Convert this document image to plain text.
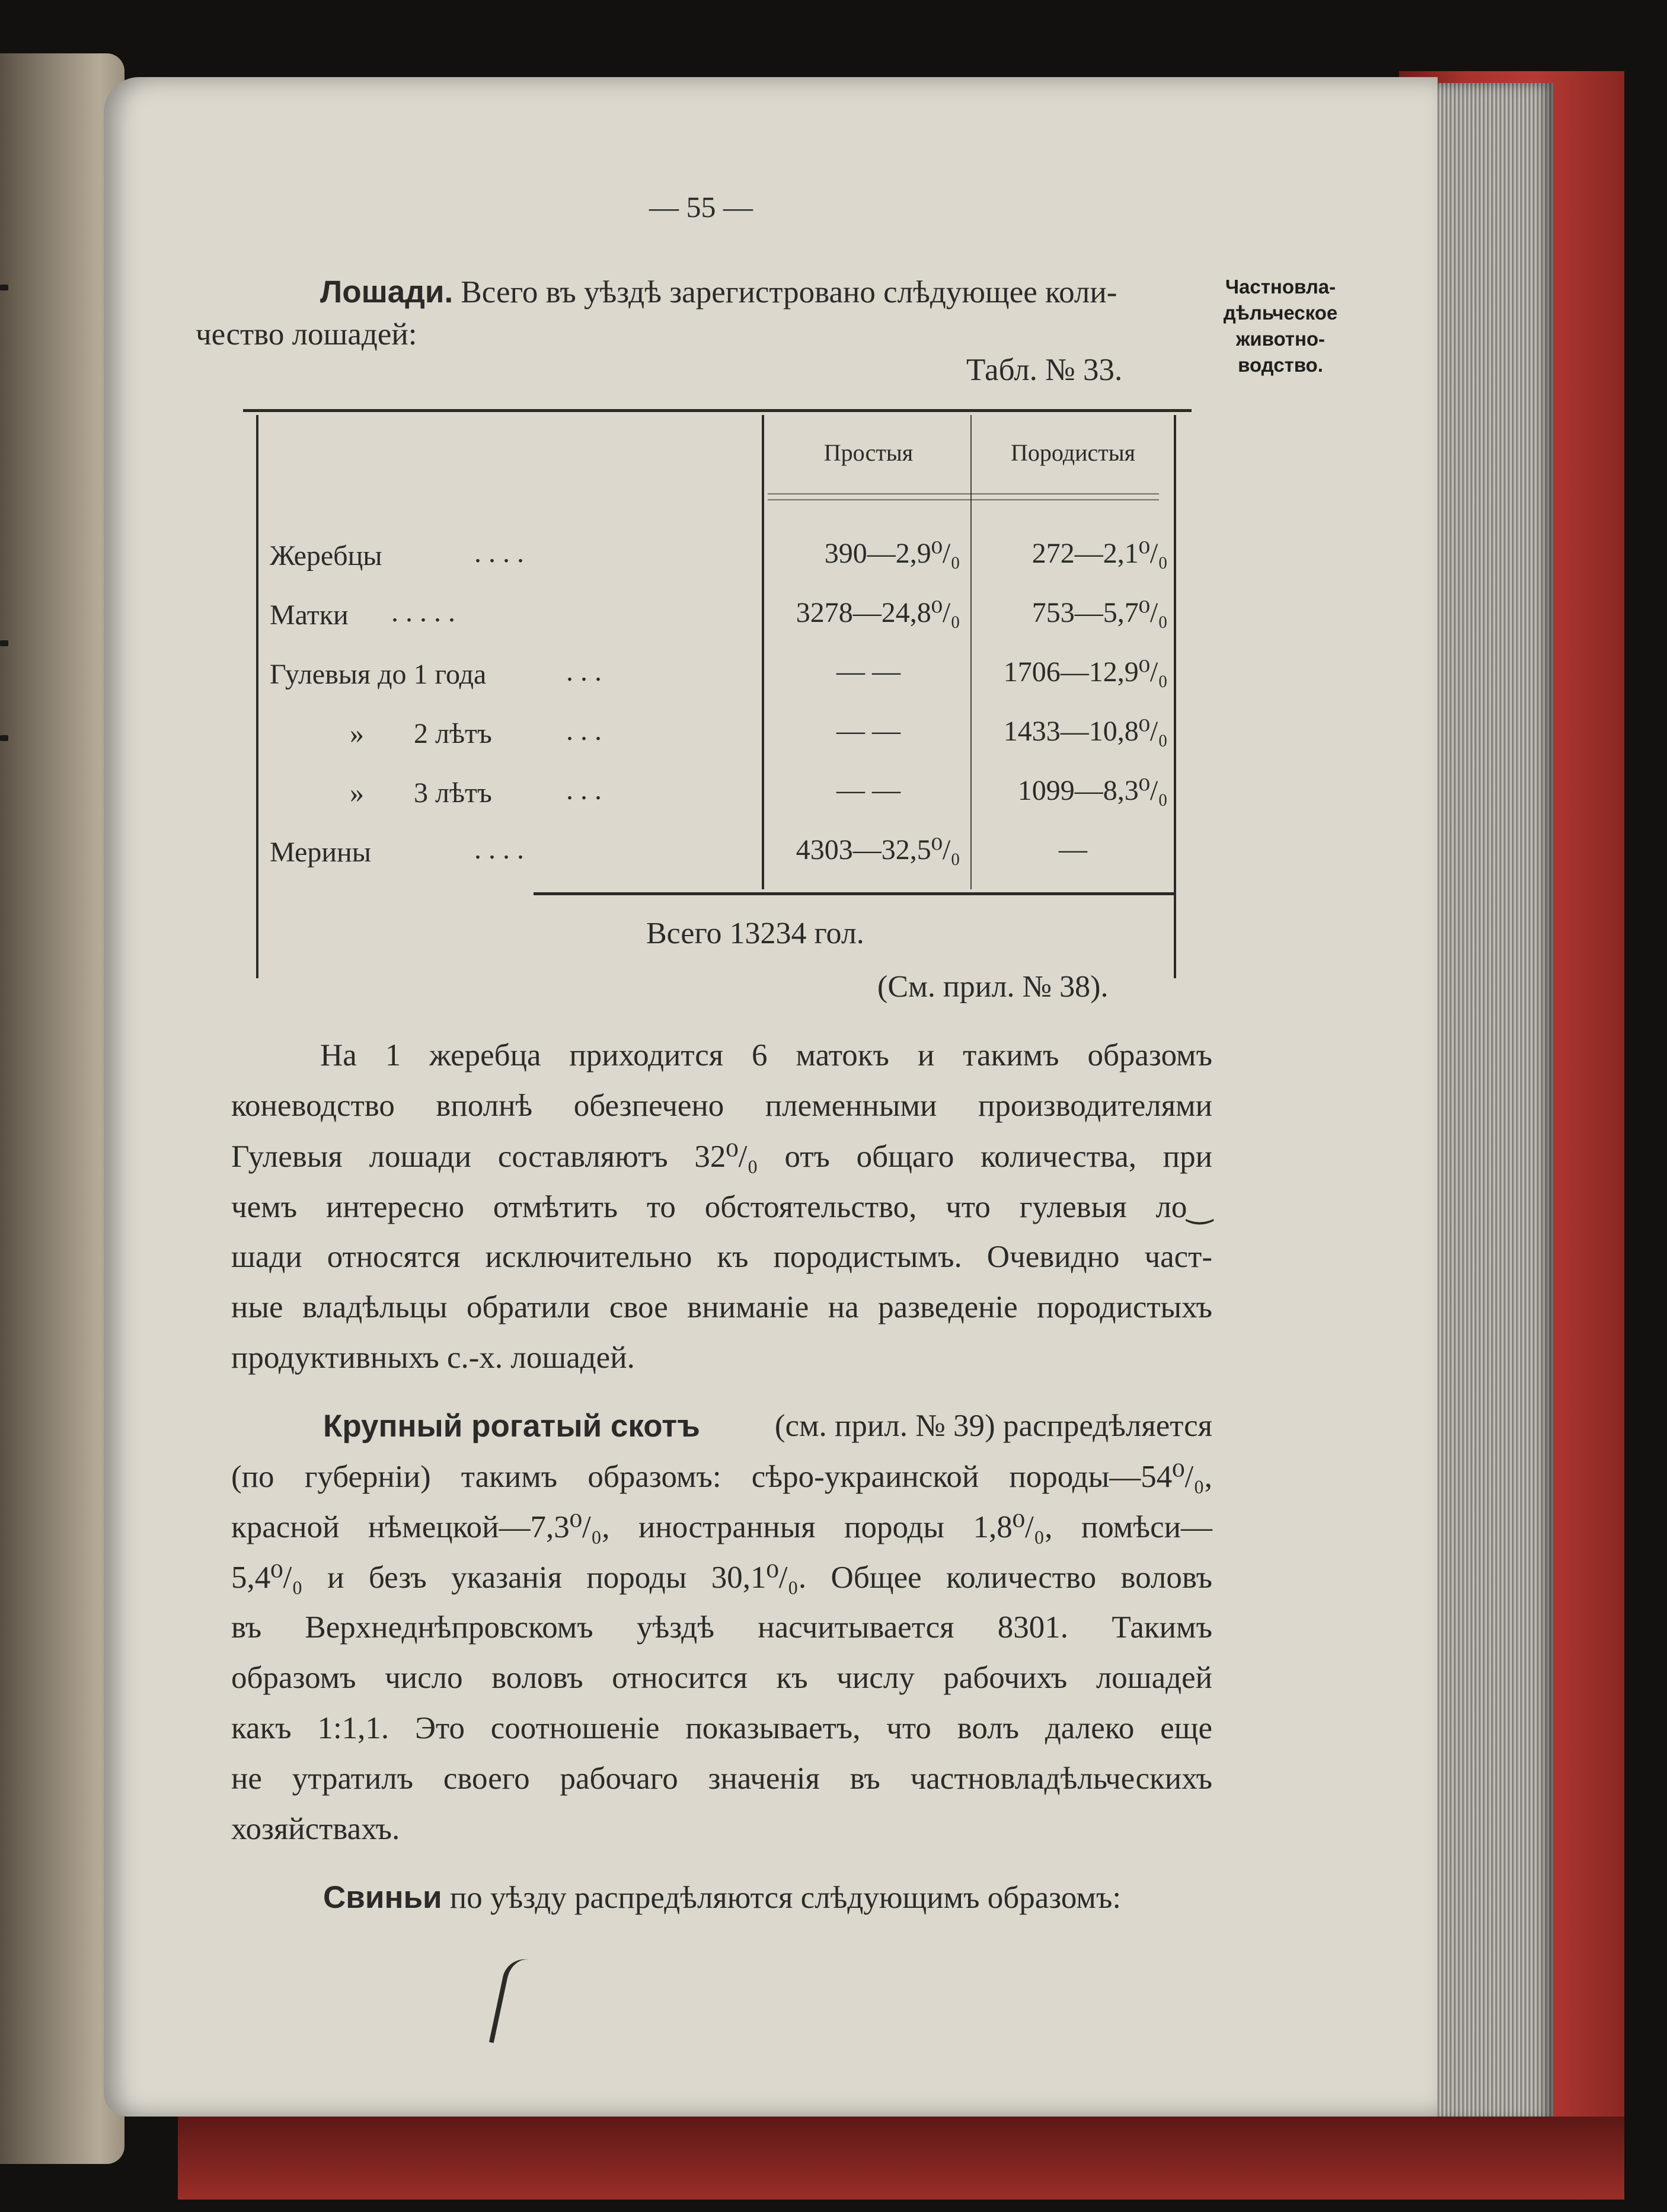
— 55 —
Частновла-
дѣльческое
животно-
водство.
Лошади. Всего въ уѣздѣ зарегистровано слѣдующее коли-
чество лошадей:
Табл. № 33.
Простыя	Породистыя
Жеребцы	. . . .	390—2,9⁰/₀	272—2,1⁰/₀
Матки . . . . .	3278—24,8⁰/₀	753—5,7⁰/₀
Гулевыя до 1 года	. . .	— —	1706—12,9⁰/₀
»       2 лѣтъ	. . .	— —	1433—10,8⁰/₀
»       3 лѣтъ	. . .	— —	1099—8,3⁰/₀
Мерины	. . . .	4303—32,5⁰/₀	—
Всего 13234 гол.
(См. прил. № 38).
На 1 жеребца приходится 6 матокъ и такимъ образомъ
коневодство вполнѣ обезпечено племенными производителями
Гулевыя лошади составляютъ 32⁰/₀ отъ общаго количества, при
чемъ интересно отмѣтить то обстоятельство, что гулевыя ло‿
шади относятся исключительно къ породистымъ. Очевидно част-
ные владѣльцы обратили свое вниманіе на разведеніе породистыхъ
продуктивныхъ с.-х. лошадей.
Крупный рогатый скотъ (см. прил. № 39) распредѣляется
(по губерніи) такимъ образомъ: сѣро-украинской породы—54⁰/₀,
красной нѣмецкой—7,3⁰/₀, иностранныя породы 1,8⁰/₀, помѣси—
5,4⁰/₀ и безъ указанія породы 30,1⁰/₀. Общее количество воловъ
въ Верхнеднѣпровскомъ уѣздѣ насчитывается 8301. Такимъ
образомъ число воловъ относится къ числу рабочихъ лошадей
какъ 1:1,1. Это соотношеніе показываетъ, что волъ далеко еще
не утратилъ своего рабочаго значенія въ частновладѣльческихъ
хозяйствахъ.
Свиньи по уѣзду распредѣляются слѣдующимъ образомъ:
